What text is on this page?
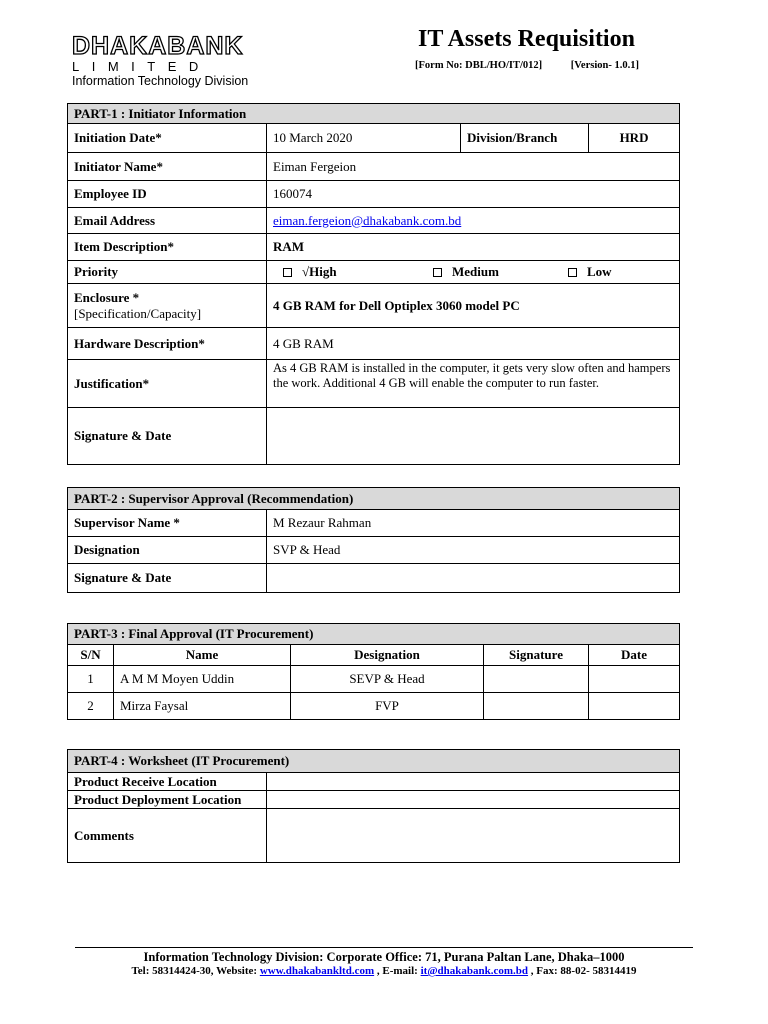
DHAKABANK
LIMITED
Information Technology Division
IT Assets Requisition
[Form No: DBL/HO/IT/012]	[Version- 1.0.1]
PART-1 : Initiator Information			
Initiation Date*	10 March 2020	Division/Branch	HRD
Initiator Name*	Eiman Fergeion		
Employee ID	160074		
Email Address	eiman.fergeion@dhakabank.com.bd		
Item Description*	RAM		
Priority	√High Medium Low		

Enclosure *
[Specification/Capacity]	4 GB RAM for Dell Optiplex 3060 model PC		
Hardware Description*	4 GB RAM		
Justification*	As 4 GB RAM is installed in the computer, it gets very slow often and hampers the work. Additional 4 GB will enable the computer to run faster.		
Signature & Date			
PART-2 : Supervisor Approval (Recommendation)	
Supervisor Name *	M Rezaur Rahman
Designation	SVP & Head
Signature & Date	
PART-3 : Final Approval (IT Procurement)				
S/N	Name	Designation	Signature	Date
1	A M M Moyen Uddin	SEVP & Head		
2	Mirza Faysal	FVP		
PART-4 : Worksheet (IT Procurement)	
Product Receive Location	
Product Deployment Location	
Comments	
Information Technology Division: Corporate Office: 71, Purana Paltan Lane, Dhaka–1000
Tel: 58314424-30, Website: www.dhakabankltd.com , E-mail: it@dhakabank.com.bd , Fax: 88-02- 58314419
